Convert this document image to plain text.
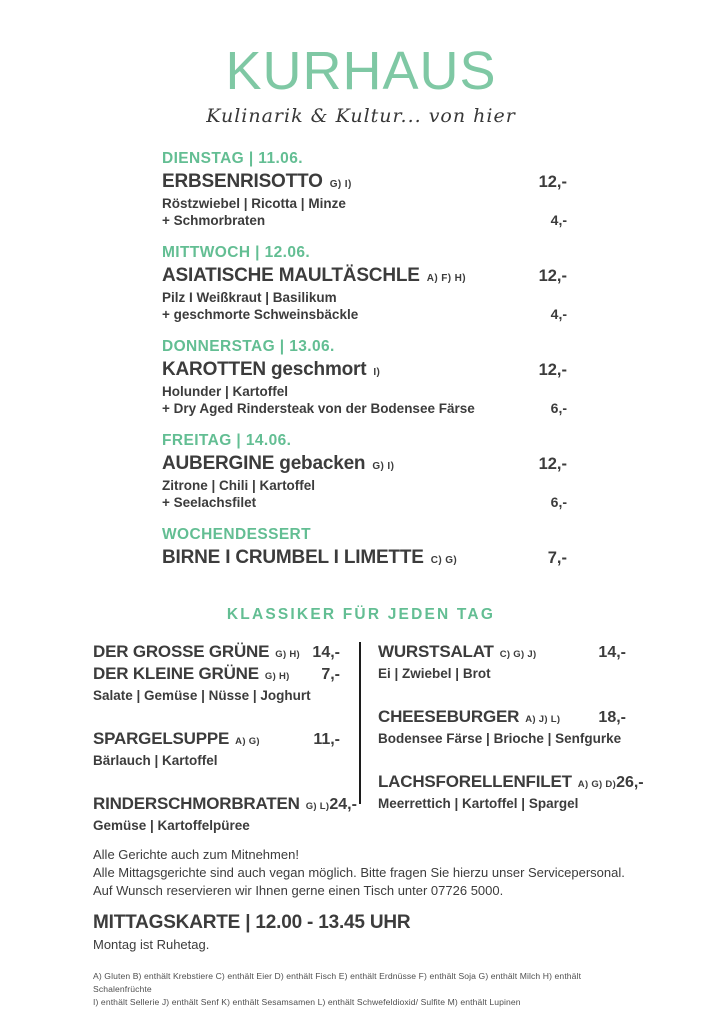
KURHAUS
Kulinarik & Kultur... von hier
DIENSTAG | 11.06.
ERBSENRISOTTO G) I)	12,-
Röstzwiebel | Ricotta | Minze
+ Schmorbraten	4,-
MITTWOCH | 12.06.
ASIATISCHE MAULTÄSCHLE A) F) H)	12,-
Pilz I Weißkraut | Basilikum
+ geschmorte Schweinsbäckle	4,-
DONNERSTAG | 13.06.
KAROTTEN geschmort I)	12,-
Holunder | Kartoffel
+ Dry Aged Rindersteak von der Bodensee Färse	6,-
FREITAG | 14.06.
AUBERGINE gebacken G) I)	12,-
Zitrone | Chili | Kartoffel
+ Seelachsfilet	6,-
WOCHENDESSERT
BIRNE I CRUMBEL I LIMETTE C) G)	7,-
KLASSIKER FÜR JEDEN TAG
DER GROSSE GRÜNE G) H) 14,-
DER KLEINE GRÜNE G) H) 7,-
Salate | Gemüse | Nüsse | Joghurt
SPARGELSUPPE A) G)	11,-
Bärlauch | Kartoffel
RINDERSCHMORBRATEN G) L) 24,-
Gemüse | Kartoffelpüree
WURSTSALAT C) G) J)	14,-
Ei | Zwiebel | Brot
CHEESEBURGER A) J) L) 18,-
Bodensee Färse | Brioche | Senfgurke
LACHSFORELLENFILET A) G) D) 26,-
Meerrettich | Kartoffel | Spargel
Alle Gerichte auch zum Mitnehmen!
Alle Mittagsgerichte sind auch vegan möglich. Bitte fragen Sie hierzu unser Servicepersonal.
Auf Wunsch reservieren wir Ihnen gerne einen Tisch unter 07726 5000.
MITTAGSKARTE | 12.00 - 13.45 UHR
Montag ist Ruhetag.
A) Gluten B) enthält Krebstiere C) enthält Eier D) enthält Fisch E) enthält Erdnüsse F) enthält Soja G) enthält Milch H) enthält Schalenfrüchte
I) enthält Sellerie J) enthält Senf K) enthält Sesamsamen L) enthält Schwefeldioxid/ Sulfite M) enthält Lupinen
